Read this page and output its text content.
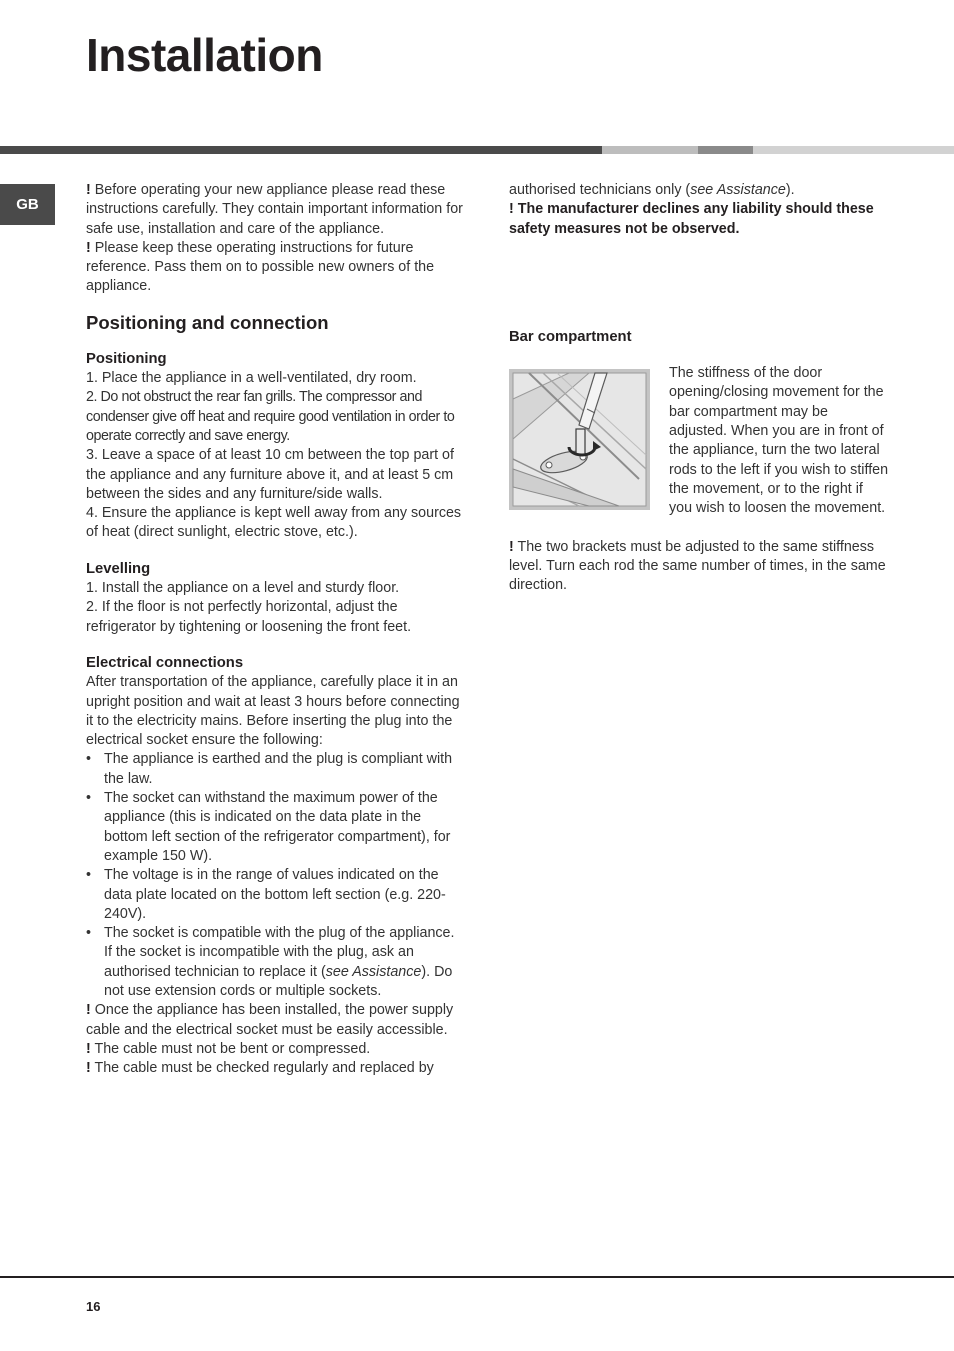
Installation
GB

! Before operating your new appliance please read these instructions carefully. They contain important information for safe use, installation and care of the appliance.

! Please keep these operating instructions for future reference. Pass them on to possible new owners of the appliance.

Positioning and connection
Positioning

1. Place the appliance in a well-ventilated, dry room.

2. Do not obstruct the rear fan grills. The compressor and condenser give off heat and require good ventilation in order to operate correctly and save energy.

3. Leave a space of at least 10 cm between the top part of the appliance and any furniture above it, and at least 5 cm between the sides and any furniture/side walls.

4. Ensure the appliance is kept well away from any sources of heat (direct sunlight, electric stove, etc.).

Levelling

1. Install the appliance on a level and sturdy floor.

2. If the floor is not perfectly horizontal, adjust the refrigerator by tightening or loosening the front feet.

Electrical connections

After transportation of the appliance, carefully place it in an upright position and wait at least 3 hours before connecting it to the electricity mains. Before inserting the plug into the electrical socket ensure the following:

• The appliance is earthed and the plug is compliant with the law.
• The socket can withstand the maximum power of the appliance (this is indicated on the data plate in the bottom left section of the refrigerator compartment), for example 150 W).
• The voltage is in the range of values indicated on the data plate located on the bottom left section (e.g. 220-240V).
• The socket is compatible with the plug of the appliance.
If the socket is incompatible with the plug, ask an authorised technician to replace it (see Assistance). Do not use extension cords or multiple sockets.

! Once the appliance has been installed, the power supply cable and the electrical socket must be easily accessible.

! The cable must not be bent or compressed.

! The cable must be checked regularly and replaced by

authorised technicians only (see Assistance).

! The manufacturer declines any liability should these safety measures not be observed.

Bar compartment

The stiffness of the door opening/closing movement for the bar compartment may be adjusted. When you are in front of the appliance, turn the two lateral rods to the left if you wish to stiffen the movement, or to the right if you wish to loosen the movement.

! The two brackets must be adjusted to the same stiffness level. Turn each rod the same number of times, in the same direction.

16
